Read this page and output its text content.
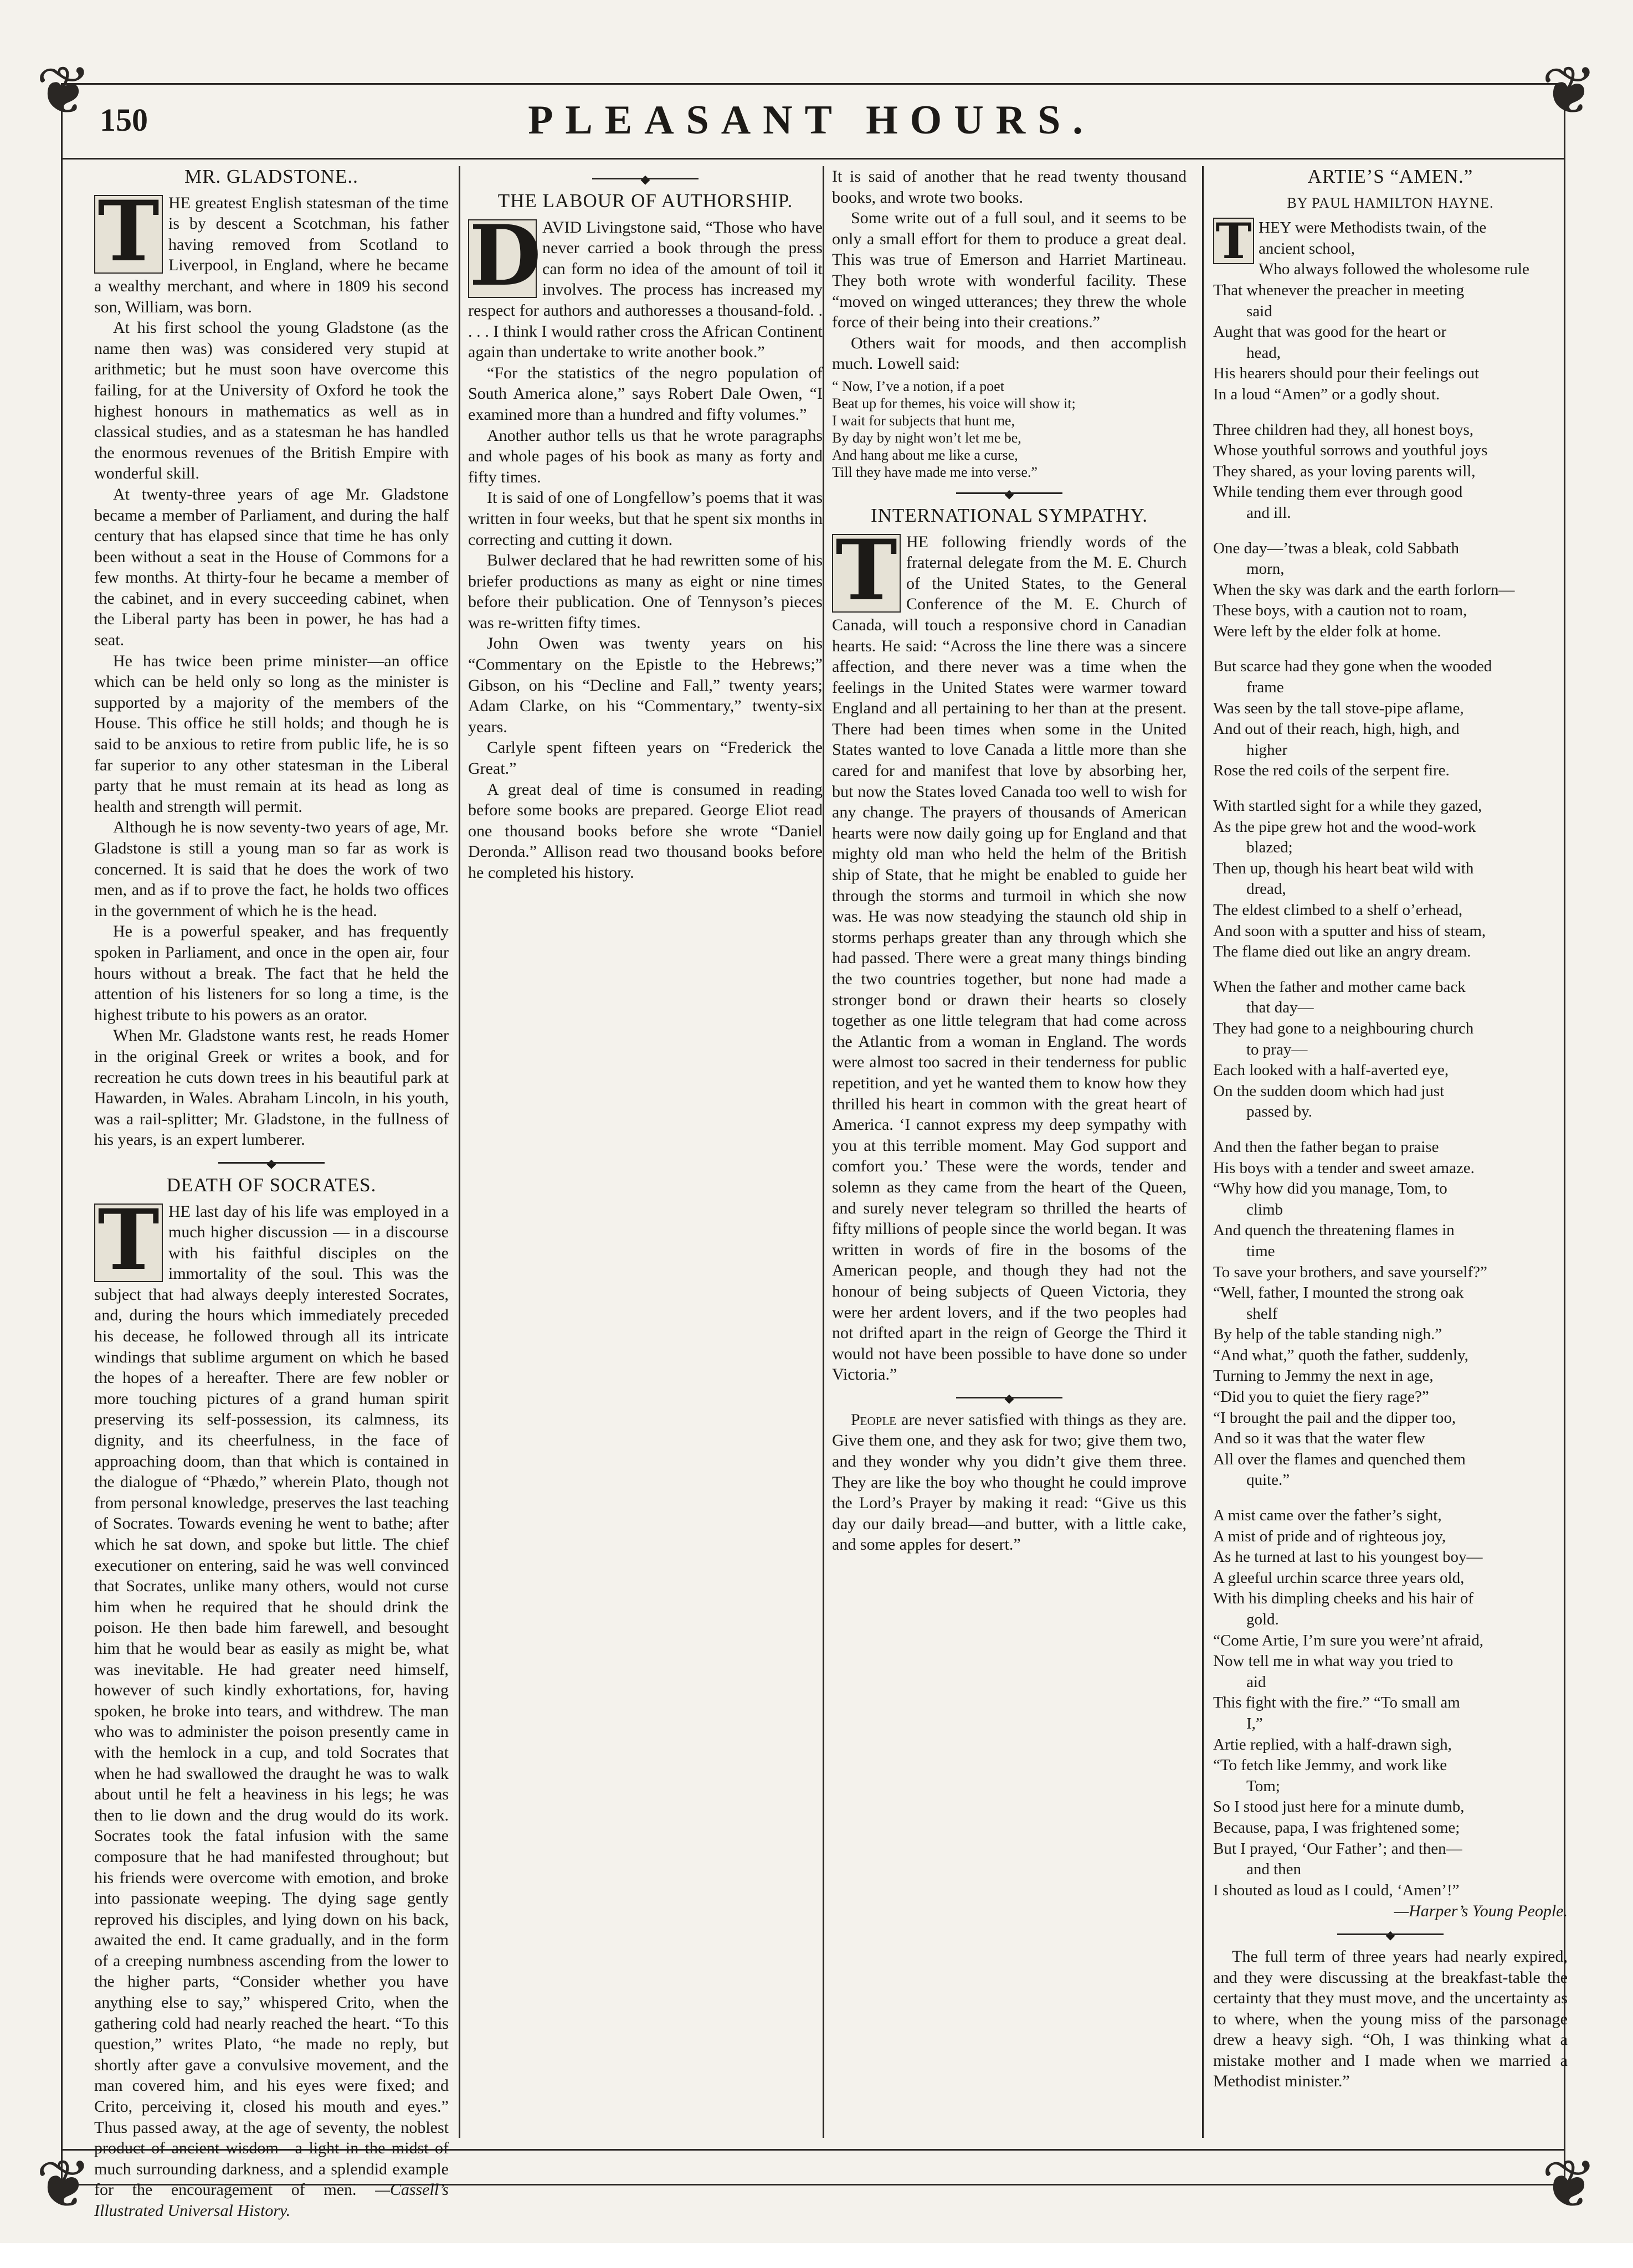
❦	❦
❦	❦
150	PLEASANT HOURS.
MR. GLADSTONE..

T HE greatest English statesman of the time is by descent a Scotchman, his father having removed from Scotland to Liverpool, in England, where he became a wealthy merchant, and where in 1809 his second son, William, was born.

At his first school the young Gladstone (as the name then was) was considered very stupid at arithmetic; but he must soon have overcome this failing, for at the University of Oxford he took the highest honours in mathematics as well as in classical studies, and as a statesman he has handled the enormous revenues of the British Empire with wonderful skill.

At twenty-three years of age Mr. Gladstone became a member of Parliament, and during the half century that has elapsed since that time he has only been without a seat in the House of Commons for a few months. At thirty-four he became a member of the cabinet, and in every succeeding cabinet, when the Liberal party has been in power, he has had a seat.

He has twice been prime minister—an office which can be held only so long as the minister is supported by a majority of the members of the House. This office he still holds; and though he is said to be anxious to retire from public life, he is so far superior to any other statesman in the Liberal party that he must remain at its head as long as health and strength will permit.

Although he is now seventy-two years of age, Mr. Gladstone is still a young man so far as work is concerned. It is said that he does the work of two men, and as if to prove the fact, he holds two offices in the government of which he is the head.

He is a powerful speaker, and has frequently spoken in Parliament, and once in the open air, four hours without a break. The fact that he held the attention of his listeners for so long a time, is the highest tribute to his powers as an orator.

When Mr. Gladstone wants rest, he reads Homer in the original Greek or writes a book, and for recreation he cuts down trees in his beautiful park at Hawarden, in Wales. Abraham Lincoln, in his youth, was a rail-splitter; Mr. Gladstone, in the fullness of his years, is an expert lumberer.

◆
DEATH OF SOCRATES.

T HE last day of his life was employed in a much higher discussion — in a discourse with his faithful disciples on the immortality of the soul. This was the subject that had always deeply interested Socrates, and, during the hours which immediately preceded his decease, he followed through all its intricate windings that sublime argument on which he based the hopes of a hereafter. There are few nobler or more touching pictures of a grand human spirit preserving its self-possession, its calmness, its dignity, and its cheerfulness, in the face of approaching doom, than that which is contained in the dialogue of “Phædo,” wherein Plato, though not from personal knowledge, preserves the last teaching of Socrates. Towards evening he went to bathe; after which he sat down, and spoke but little. The chief executioner on entering, said he was well convinced that Socrates, unlike many others, would not curse him when he required that he should drink the poison. He then bade him farewell, and besought him that he would bear as easily as might be, what was inevitable. He had greater need himself, however of such kindly exhortations, for, having spoken, he broke into tears, and withdrew. The man who was to administer the poison presently came in with the hemlock in a cup, and told Socrates that when he had swallowed the draught he was to walk about until he felt a heaviness in his legs; he was then to lie down and the drug would do its work. Socrates took the fatal infusion with the same composure that he had manifested throughout; but his friends were overcome with emotion, and broke into passionate weeping. The dying sage gently reproved his disciples, and lying down on his back, awaited the end. It came gradually, and in the form of a creeping numbness ascending from the lower to the higher parts, “Consider whether you have anything else to say,” whispered Crito, when the gathering cold had nearly reached the heart. “To this question,” writes Plato, “he made no reply, but shortly after gave a convulsive movement, and the man covered him, and his eyes were fixed; and Crito, perceiving it, closed his mouth and eyes.” Thus passed away, at the age of seventy, the noblest product of ancient wisdom—a light in the midst of much surrounding darkness, and a splendid example for the encouragement of men. —Cassell’s Illustrated Universal History.

◆
THE LABOUR OF AUTHORSHIP.

D AVID Livingstone said, “Those who have never carried a book through the press can form no idea of the amount of toil it involves. The process has increased my respect for authors and authoresses a thousand-fold. . . . . I think I would rather cross the African Continent again than undertake to write another book.”

“For the statistics of the negro population of South America alone,” says Robert Dale Owen, “I examined more than a hundred and fifty volumes.”

Another author tells us that he wrote paragraphs and whole pages of his book as many as forty and fifty times.

It is said of one of Longfellow’s poems that it was written in four weeks, but that he spent six months in correcting and cutting it down.

Bulwer declared that he had rewritten some of his briefer productions as many as eight or nine times before their publication. One of Tennyson’s pieces was re-written fifty times.

John Owen was twenty years on his “Commentary on the Epistle to the Hebrews;” Gibson, on his “Decline and Fall,” twenty years; Adam Clarke, on his “Commentary,” twenty-six years.

Carlyle spent fifteen years on “Frederick the Great.”

A great deal of time is consumed in reading before some books are prepared. George Eliot read one thousand books before she wrote “Daniel Deronda.” Allison read two thousand books before he completed his history.

It is said of another that he read twenty thousand books, and wrote two books.

Some write out of a full soul, and it seems to be only a small effort for them to produce a great deal. This was true of Emerson and Harriet Martineau. They both wrote with wonderful facility. These “moved on winged utterances; they threw the whole force of their being into their creations.”

Others wait for moods, and then accomplish much. Lowell said:

“ Now, I’ve a notion, if a poet
Beat up for themes, his voice will show it;
I wait for subjects that hunt me,
By day by night won’t let me be,
And hang about me like a curse,
Till they have made me into verse.”
◆
INTERNATIONAL SYMPATHY.

T HE following friendly words of the fraternal delegate from the M. E. Church of the United States, to the General Conference of the M. E. Church of Canada, will touch a responsive chord in Canadian hearts. He said: “Across the line there was a sincere affection, and there never was a time when the feelings in the United States were warmer toward England and all pertaining to her than at the present. There had been times when some in the United States wanted to love Canada a little more than she cared for and manifest that love by absorbing her, but now the States loved Canada too well to wish for any change. The prayers of thousands of American hearts were now daily going up for England and that mighty old man who held the helm of the British ship of State, that he might be enabled to guide her through the storms and turmoil in which she now was. He was now steadying the staunch old ship in storms perhaps greater than any through which she had passed. There were a great many things binding the two countries together, but none had made a stronger bond or drawn their hearts so closely together as one little telegram that had come across the Atlantic from a woman in England. The words were almost too sacred in their tenderness for public repetition, and yet he wanted them to know how they thrilled his heart in common with the great heart of America. ‘I cannot express my deep sympathy with you at this terrible moment. May God support and comfort you.’ These were the words, tender and solemn as they came from the heart of the Queen, and surely never telegram so thrilled the hearts of fifty millions of people since the world began. It was written in words of fire in the bosoms of the American people, and though they had not the honour of being subjects of Queen Victoria, they were her ardent lovers, and if the two peoples had not drifted apart in the reign of George the Third it would not have been possible to have done so under Victoria.”

◆

People are never satisfied with things as they are. Give them one, and they ask for two; give them two, and they wonder why you didn’t give them three. They are like the boy who thought he could improve the Lord’s Prayer by making it read: “Give us this day our daily bread—and butter, with a little cake, and some apples for desert.”

ARTIE’S “AMEN.”
BY PAUL HAMILTON HAYNE.
T HEY were Methodists twain, of the
ancient school,
Who always followed the wholesome rule
That whenever the preacher in meeting
said
Aught that was good for the heart or
head,
His hearers should pour their feelings out
In a loud “Amen” or a godly shout.
Three children had they, all honest boys,
Whose youthful sorrows and youthful joys
They shared, as your loving parents will,
While tending them ever through good
and ill.
One day—’twas a bleak, cold Sabbath
morn,
When the sky was dark and the earth forlorn—
These boys, with a caution not to roam,
Were left by the elder folk at home.
But scarce had they gone when the wooded
frame
Was seen by the tall stove-pipe aflame,
And out of their reach, high, high, and
higher
Rose the red coils of the serpent fire.
With startled sight for a while they gazed,
As the pipe grew hot and the wood-work
blazed;
Then up, though his heart beat wild with
dread,
The eldest climbed to a shelf o’erhead,
And soon with a sputter and hiss of steam,
The flame died out like an angry dream.
When the father and mother came back
that day—
They had gone to a neighbouring church
to pray—
Each looked with a half-averted eye,
On the sudden doom which had just
passed by.
And then the father began to praise
His boys with a tender and sweet amaze.
“Why how did you manage, Tom, to
climb
And quench the threatening flames in
time
To save your brothers, and save yourself?”
“Well, father, I mounted the strong oak
shelf
By help of the table standing nigh.”
“And what,” quoth the father, suddenly,
Turning to Jemmy the next in age,
“Did you to quiet the fiery rage?”
“I brought the pail and the dipper too,
And so it was that the water flew
All over the flames and quenched them
quite.”
A mist came over the father’s sight,
A mist of pride and of righteous joy,
As he turned at last to his youngest boy—
A gleeful urchin scarce three years old,
With his dimpling cheeks and his hair of
gold.
“Come Artie, I’m sure you were’nt afraid,
Now tell me in what way you tried to
aid
This fight with the fire.” “To small am
I,”
Artie replied, with a half-drawn sigh,
“To fetch like Jemmy, and work like
Tom;
So I stood just here for a minute dumb,
Because, papa, I was frightened some;
But I prayed, ‘Our Father’; and then—
and then
I shouted as loud as I could, ‘Amen’!”
—Harper’s Young People.
◆

The full term of three years had nearly expired, and they were discussing at the breakfast-table the certainty that they must move, and the uncertainty as to where, when the young miss of the parsonage drew a heavy sigh. “Oh, I was thinking what a mistake mother and I made when we married a Methodist minister.”
